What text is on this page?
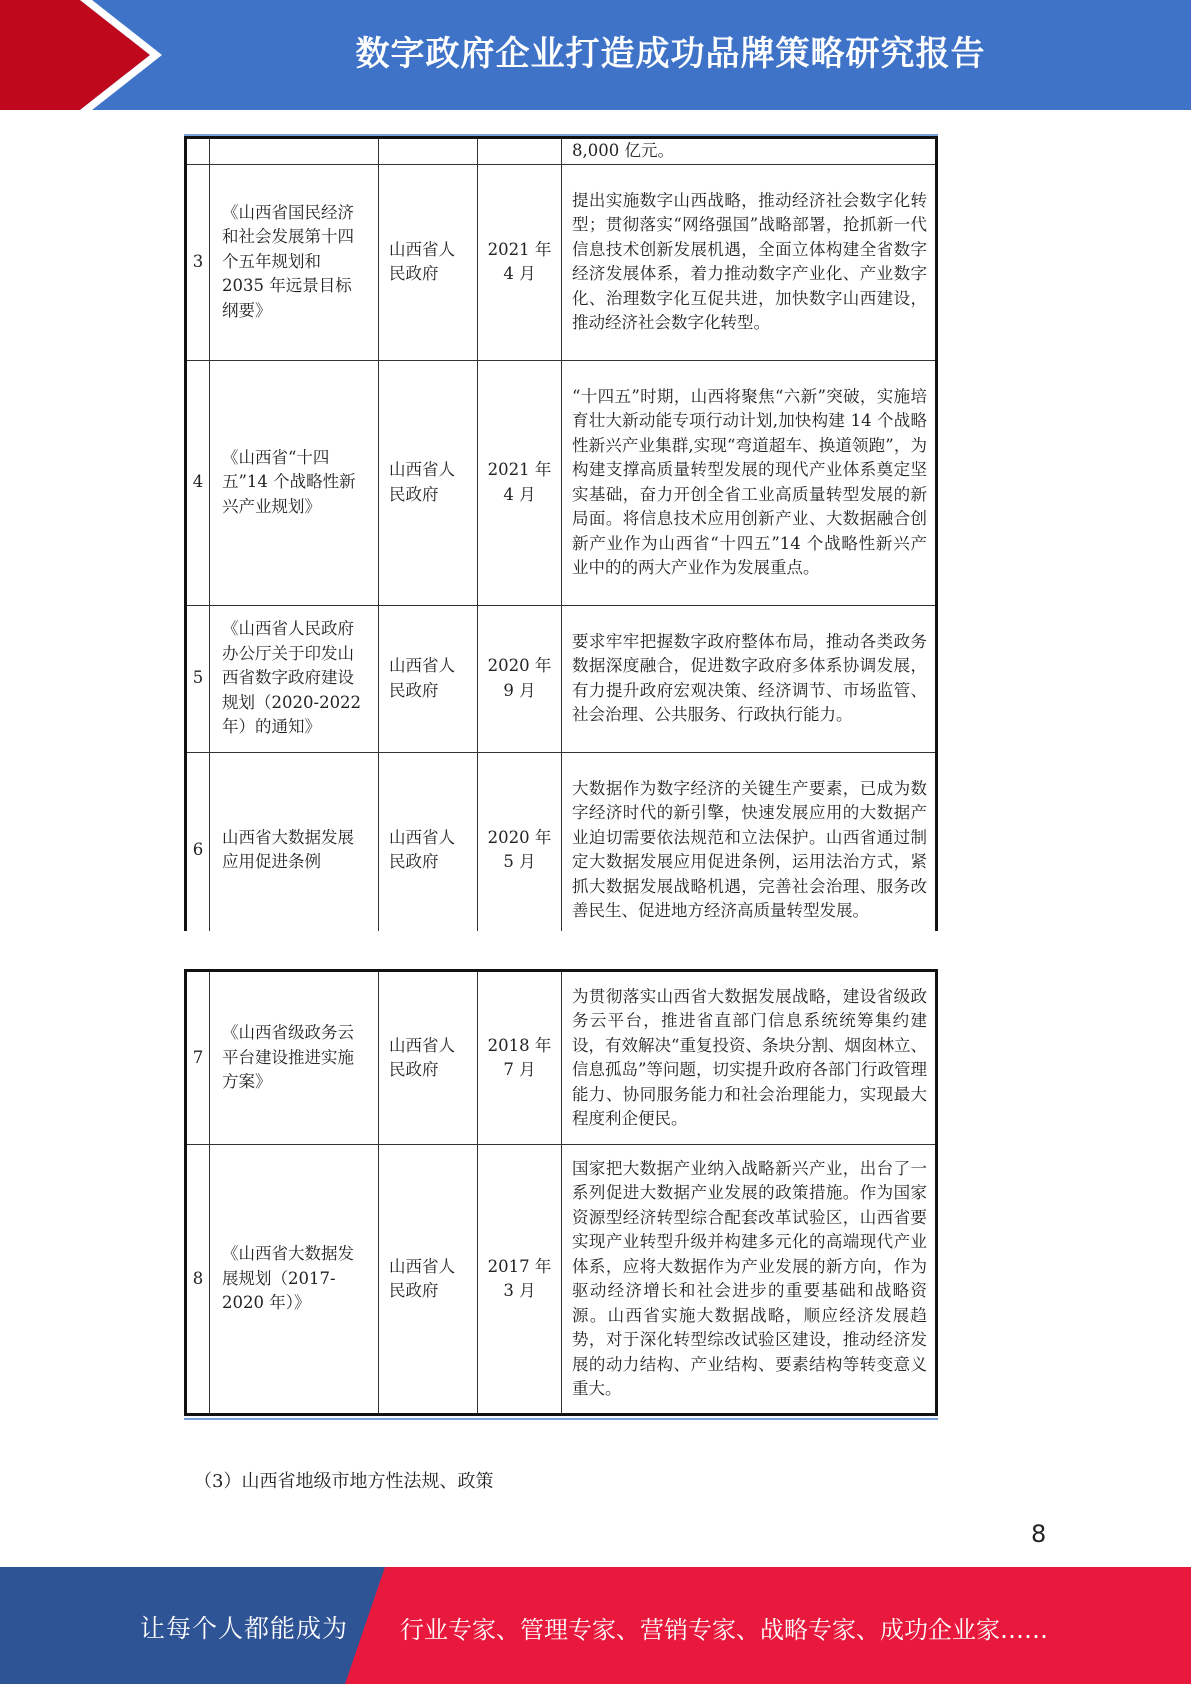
数字政府企业打造成功品牌策略研究报告
				8,000 亿元。
3	《山西省国民经济和社会发展第十四个五年规划和 2035 年远景目标纲要》	山西省人民政府	2021 年 4 月	提出实施数字山西战略，推动经济社会数字化转型；贯彻落实“网络强国”战略部署，抢抓新一代信息技术创新发展机遇，全面立体构建全省数字经济发展体系，着力推动数字产业化、产业数字化、治理数字化互促共进，加快数字山西建设，推动经济社会数字化转型。
4	《山西省“十四五”14 个战略性新兴产业规划》	山西省人民政府	2021 年 4 月	“十四五”时期，山西将聚焦“六新”突破，实施培育壮大新动能专项行动计划,加快构建 14 个战略性新兴产业集群,实现“弯道超车、换道领跑”，为构建支撑高质量转型发展的现代产业体系奠定坚实基础，奋力开创全省工业高质量转型发展的新局面。将信息技术应用创新产业、大数据融合创新产业作为山西省“十四五”14 个战略性新兴产业中的的两大产业作为发展重点。
5	《山西省人民政府办公厅关于印发山西省数字政府建设规划（2020-2022 年）的通知》	山西省人民政府	2020 年 9 月	要求牢牢把握数字政府整体布局，推动各类政务数据深度融合，促进数字政府多体系协调发展，有力提升政府宏观决策、经济调节、市场监管、社会治理、公共服务、行政执行能力。
6	山西省大数据发展应用促进条例	山西省人民政府	2020 年 5 月	大数据作为数字经济的关键生产要素，已成为数字经济时代的新引擎，快速发展应用的大数据产业迫切需要依法规范和立法保护。山西省通过制定大数据发展应用促进条例，运用法治方式，紧抓大数据发展战略机遇，完善社会治理、服务改善民生、促进地方经济高质量转型发展。

7	《山西省级政务云平台建设推进实施方案》	山西省人民政府	2018 年 7 月	为贯彻落实山西省大数据发展战略，建设省级政务云平台，推进省直部门信息系统统筹集约建设，有效解决“重复投资、条块分割、烟囱林立、信息孤岛”等问题，切实提升政府各部门行政管理能力、协同服务能力和社会治理能力，实现最大程度利企便民。
8	《山西省大数据发展规划（2017-2020 年）》	山西省人民政府	2017 年 3 月	国家把大数据产业纳入战略新兴产业，出台了一系列促进大数据产业发展的政策措施。作为国家资源型经济转型综合配套改革试验区，山西省要实现产业转型升级并构建多元化的高端现代产业体系，应将大数据作为产业发展的新方向，作为驱动经济增长和社会进步的重要基础和战略资源。山西省实施大数据战略，顺应经济发展趋势，对于深化转型综改试验区建设，推动经济发展的动力结构、产业结构、要素结构等转变意义重大。
（3）山西省地级市地方性法规、政策
8
让每个人都能成为 行业专家、管理专家、营销专家、战略专家、成功企业家……
